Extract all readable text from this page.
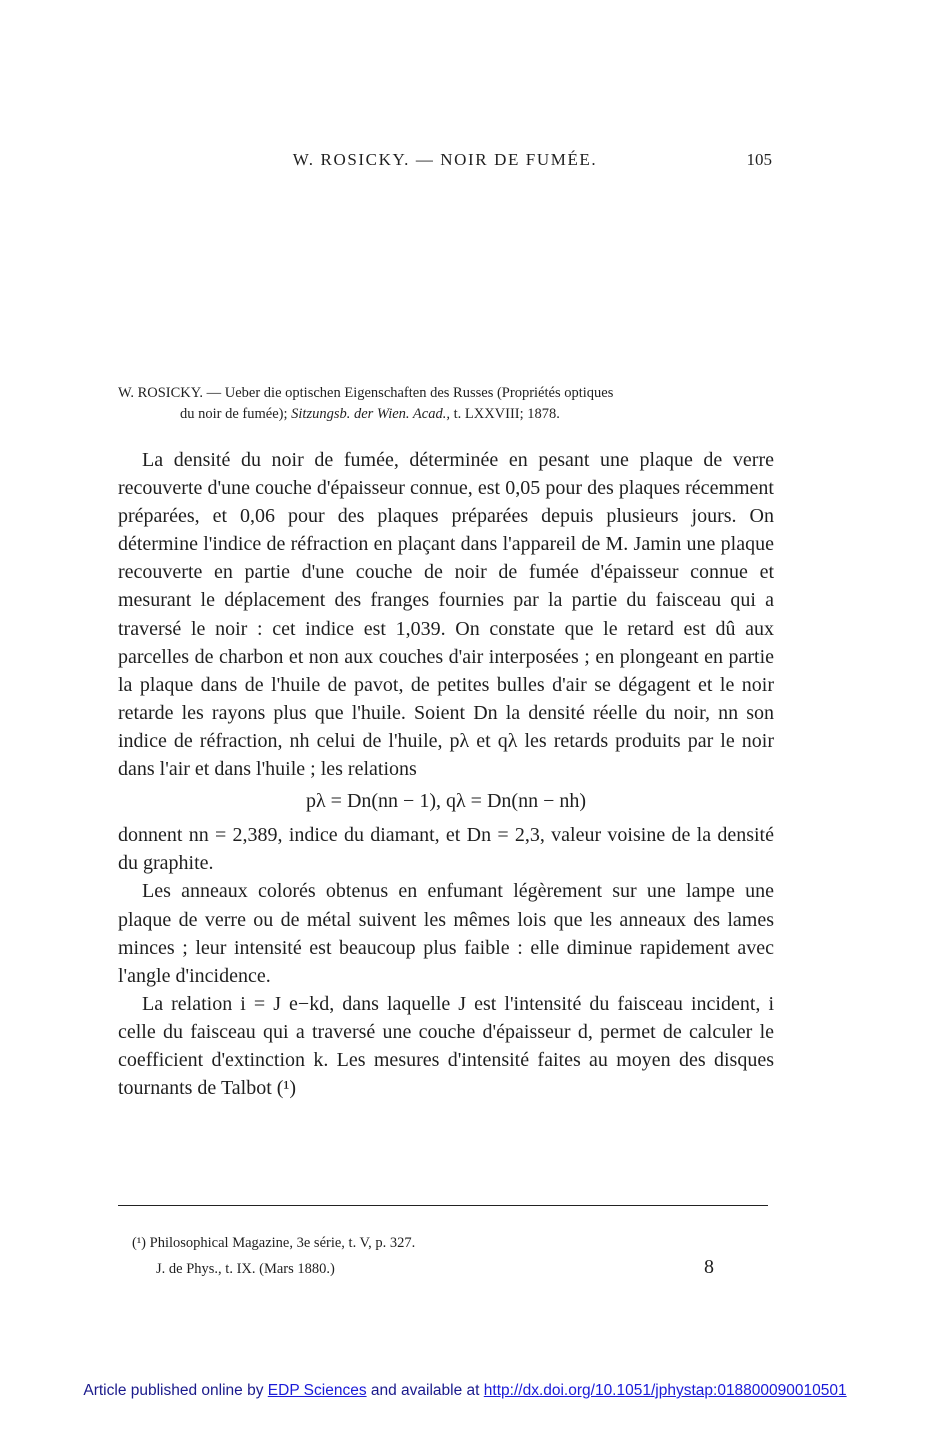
W. ROSICKY. — NOIR DE FUMÉE.	105
W. ROSICKY. — Ueber die optischen Eigenschaften des Russes (Propriétés optiques
du noir de fumée); Sitzungsb. der Wien. Acad., t. LXXVIII; 1878.

La densité du noir de fumée, déterminée en pesant une plaque de verre recouverte d'une couche d'épaisseur connue, est 0,05 pour des plaques récemment préparées, et 0,06 pour des plaques préparées depuis plusieurs jours. On détermine l'indice de réfraction en plaçant dans l'appareil de M. Jamin une plaque recouverte en partie d'une couche de noir de fumée d'épaisseur connue et mesurant le déplacement des franges fournies par la partie du faisceau qui a traversé le noir : cet indice est 1,039. On constate que le retard est dû aux parcelles de charbon et non aux couches d'air interposées ; en plongeant en partie la plaque dans de l'huile de pavot, de petites bulles d'air se dégagent et le noir retarde les rayons plus que l'huile. Soient Dn la densité réelle du noir, nn son indice de réfraction, nh celui de l'huile, pλ et qλ les retards produits par le noir dans l'air et dans l'huile ; les relations

pλ = Dn(nn − 1), qλ = Dn(nn − nh)

donnent nn = 2,389, indice du diamant, et Dn = 2,3, valeur voisine de la densité du graphite.

Les anneaux colorés obtenus en enfumant légèrement sur une lampe une plaque de verre ou de métal suivent les mêmes lois que les anneaux des lames minces ; leur intensité est beaucoup plus faible : elle diminue rapidement avec l'angle d'incidence.

La relation i = J e−kd, dans laquelle J est l'intensité du faisceau incident, i celle du faisceau qui a traversé une couche d'épaisseur d, permet de calculer le coefficient d'extinction k. Les mesures d'intensité faites au moyen des disques tournants de Talbot (¹)

(¹) Philosophical Magazine, 3e série, t. V, p. 327.
J. de Phys., t. IX. (Mars 1880.)	8
Article published online by EDP Sciences and available at http://dx.doi.org/10.1051/jphystap:018800090010501
